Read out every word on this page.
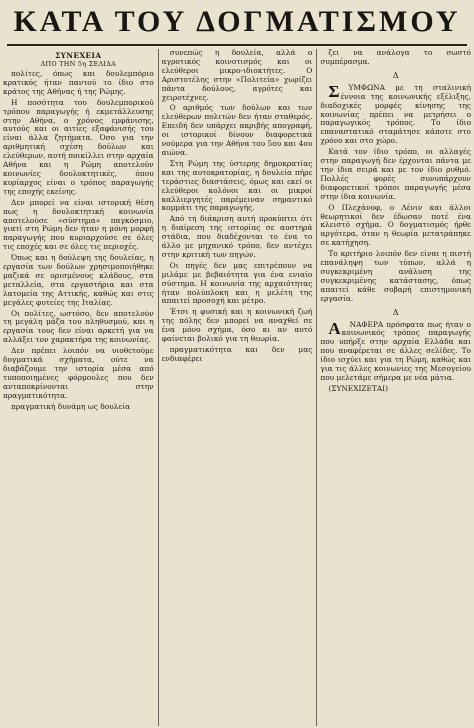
ΚΑΤΑ ΤΟΥ ΔΟΓΜΑΤΙΣΜΟΥ
ΣΥΝΕΧΕΙΑ
ΑΠΟ ΤΗΝ 5η ΣΕΛΙΔΑ

πολίτες, όπως και δουλεμπόριο κρατικός ήταν παντού το ίδιο στο κράτος της Αθήνας ή της Ρώμης.

Η ποσότητα του δουλεμπορικού τρόπου παραγωγής ή εκμετάλλευσης στην Αθήνα, ο χρόνος εμφάνισης, αυτούς και οι αιτίες εξαφάνισής του είναι άλλα ζητήματα. Όσο για την αριθμητική σχέση δούλων και ελεύθερων, αυτή ποικίλλει στην αρχαία Αθήνα και η Ρώμη αποτελούν κοινωνίες δουλοκτητικές, όπου κυρίαρχος είναι ο τρόπος παραγωγής της εποχής εκείνης.

Δεν μπορεί να είναι ιστορική θέση πως η δουλοκτητική κοινωνία αποτελούσε «σύστημα» παγκόσμιο, γιατί στη Ρώμη δεν ήταν η μόνη μορφή παραγωγής που κυριαρχούσε σε όλες τις εποχές και σε όλες τις περιοχές.

Όπως και η δούλεψη της δουλείας, η εργασία των δούλων χρησιμοποιήθηκε μαζικά σε ορισμένους κλάδους, στα μεταλλεία, στα εργαστήρια και στα λατομεία της Αττικής, καθώς και στις μεγάλες φυτείες της Ιταλίας.

Οι πολίτες, ωστόσο, δεν αποτελούν τη μεγάλη μάζα του πληθυσμού, και η εργασία τους δεν είναι αρκετή για να αλλάξει τον χαρακτήρα της κοινωνίας.

Δεν πρέπει λοιπόν να υιοθετούμε δογματικά σχήματα, ούτε να διαβάζουμε την ιστορία μέσα από τυποποιημένες φόρμουλες που δεν ανταποκρίνονται στην πραγματικότητα.

πραγματική δυνάμη ως δουλεία

συνεπώς η δουλεία, αλλά ο αγροτικός κοινοτισμός και οι ελεύθεροι μικρο-ιδιοκτήτες. Ο Αριστοτέλης στην «Πολιτεία» χωρίζει πάντα δούλους, αγρότες και χειροτέχνες.

Ο αριθμός των δούλων και των ελεύθερων πολιτών δεν ήταν σταθερός. Επειδή δεν υπάρχει ακριβής απογραφή, οι ιστορικοί δίνουν διαφορετικά νούμερα για την Αθήνα του 5ου και 4ου αιώνα.

Στη Ρώμη της ύστερης δημοκρατίας και της αυτοκρατορίας, η δουλεία πήρε τεράστιες διαστάσεις, όμως και εκεί οι ελεύθεροι κολόνοι και οι μικροί καλλιεργητές παρέμειναν σημαντικό κομμάτι της παραγωγής.

Από τη διάκριση αυτή προκύπτει ότι η διαίρεση της ιστορίας σε αυστηρά στάδια, που διαδέχονται το ένα το άλλο με μηχανικό τρόπο, δεν αντέχει στην κριτική των πηγών.

Οι πηγές δεν μας επιτρέπουν να μιλάμε με βεβαιότητα για ένα ενιαίο σύστημα. Η κοινωνία της αρχαιότητας ήταν πολύπλοκη και η μελέτη της απαιτεί προσοχή και μέτρο.

Έτσι η φυσική και η κοινωνική ζωή της πόλης δεν μπορεί να αναχθεί σε ένα μόνο σχήμα, όσο κι αν αυτό φαίνεται βολικό για τη θεωρία.

πραγματικότητα και δεν μας ενδιαφέρει

ζει να ανάλογα το σωστό συμπέρασμα.

Δ

Σ ΥΜΦΩΝΑ με τη σταλινική έννοια της κοινωνικής εξέλιξης, διαδοχικές μορφές κίνησης της κοινωνίας πρέπει να μετρήσει ο παραγωγικός τρόπος. Το ίδιο επαναστατικό σταμάτησε κάποτε στο χρόνο και στο χώρο.

Κατά τον ίδιο τρόπο, οι αλλαγές στην παραγωγή δεν έρχονται πάντα με την ίδια σειρά και με τον ίδιο ρυθμό. Πολλές φορές συνυπάρχουν διαφορετικοί τρόποι παραγωγής μέσα στην ίδια κοινωνία.

Ο Πλεχάνοφ, ο Λένιν και άλλοι θεωρητικοί δεν έδωσαν ποτέ ένα κλειστό σχήμα. Ο δογματισμός ήρθε αργότερα, όταν η θεωρία μετατράπηκε σε κατήχηση.

Το κριτήριο λοιπόν δεν είναι η πιστή επανάληψη των τύπων, αλλά η συγκεκριμένη ανάλυση της συγκεκριμένης κατάστασης, όπως απαιτεί κάθε σοβαρή επιστημονική εργασία.

Δ

Α ΝΑΦΕΡΑ πρόσφατα πως ήταν ο κοινωνικός τρόπος παραγωγής που υπήρξε στην αρχαία Ελλάδα και που αναφέρεται σε άλλες σελίδες. Το ίδιο ισχύει και για τη Ρώμη, καθώς και για τις άλλες κοινωνίες της Μεσογείου που μελετάμε σήμερα με νέα μάτια.

(ΣΥΝΕΧΙΖΕΤΑΙ)
